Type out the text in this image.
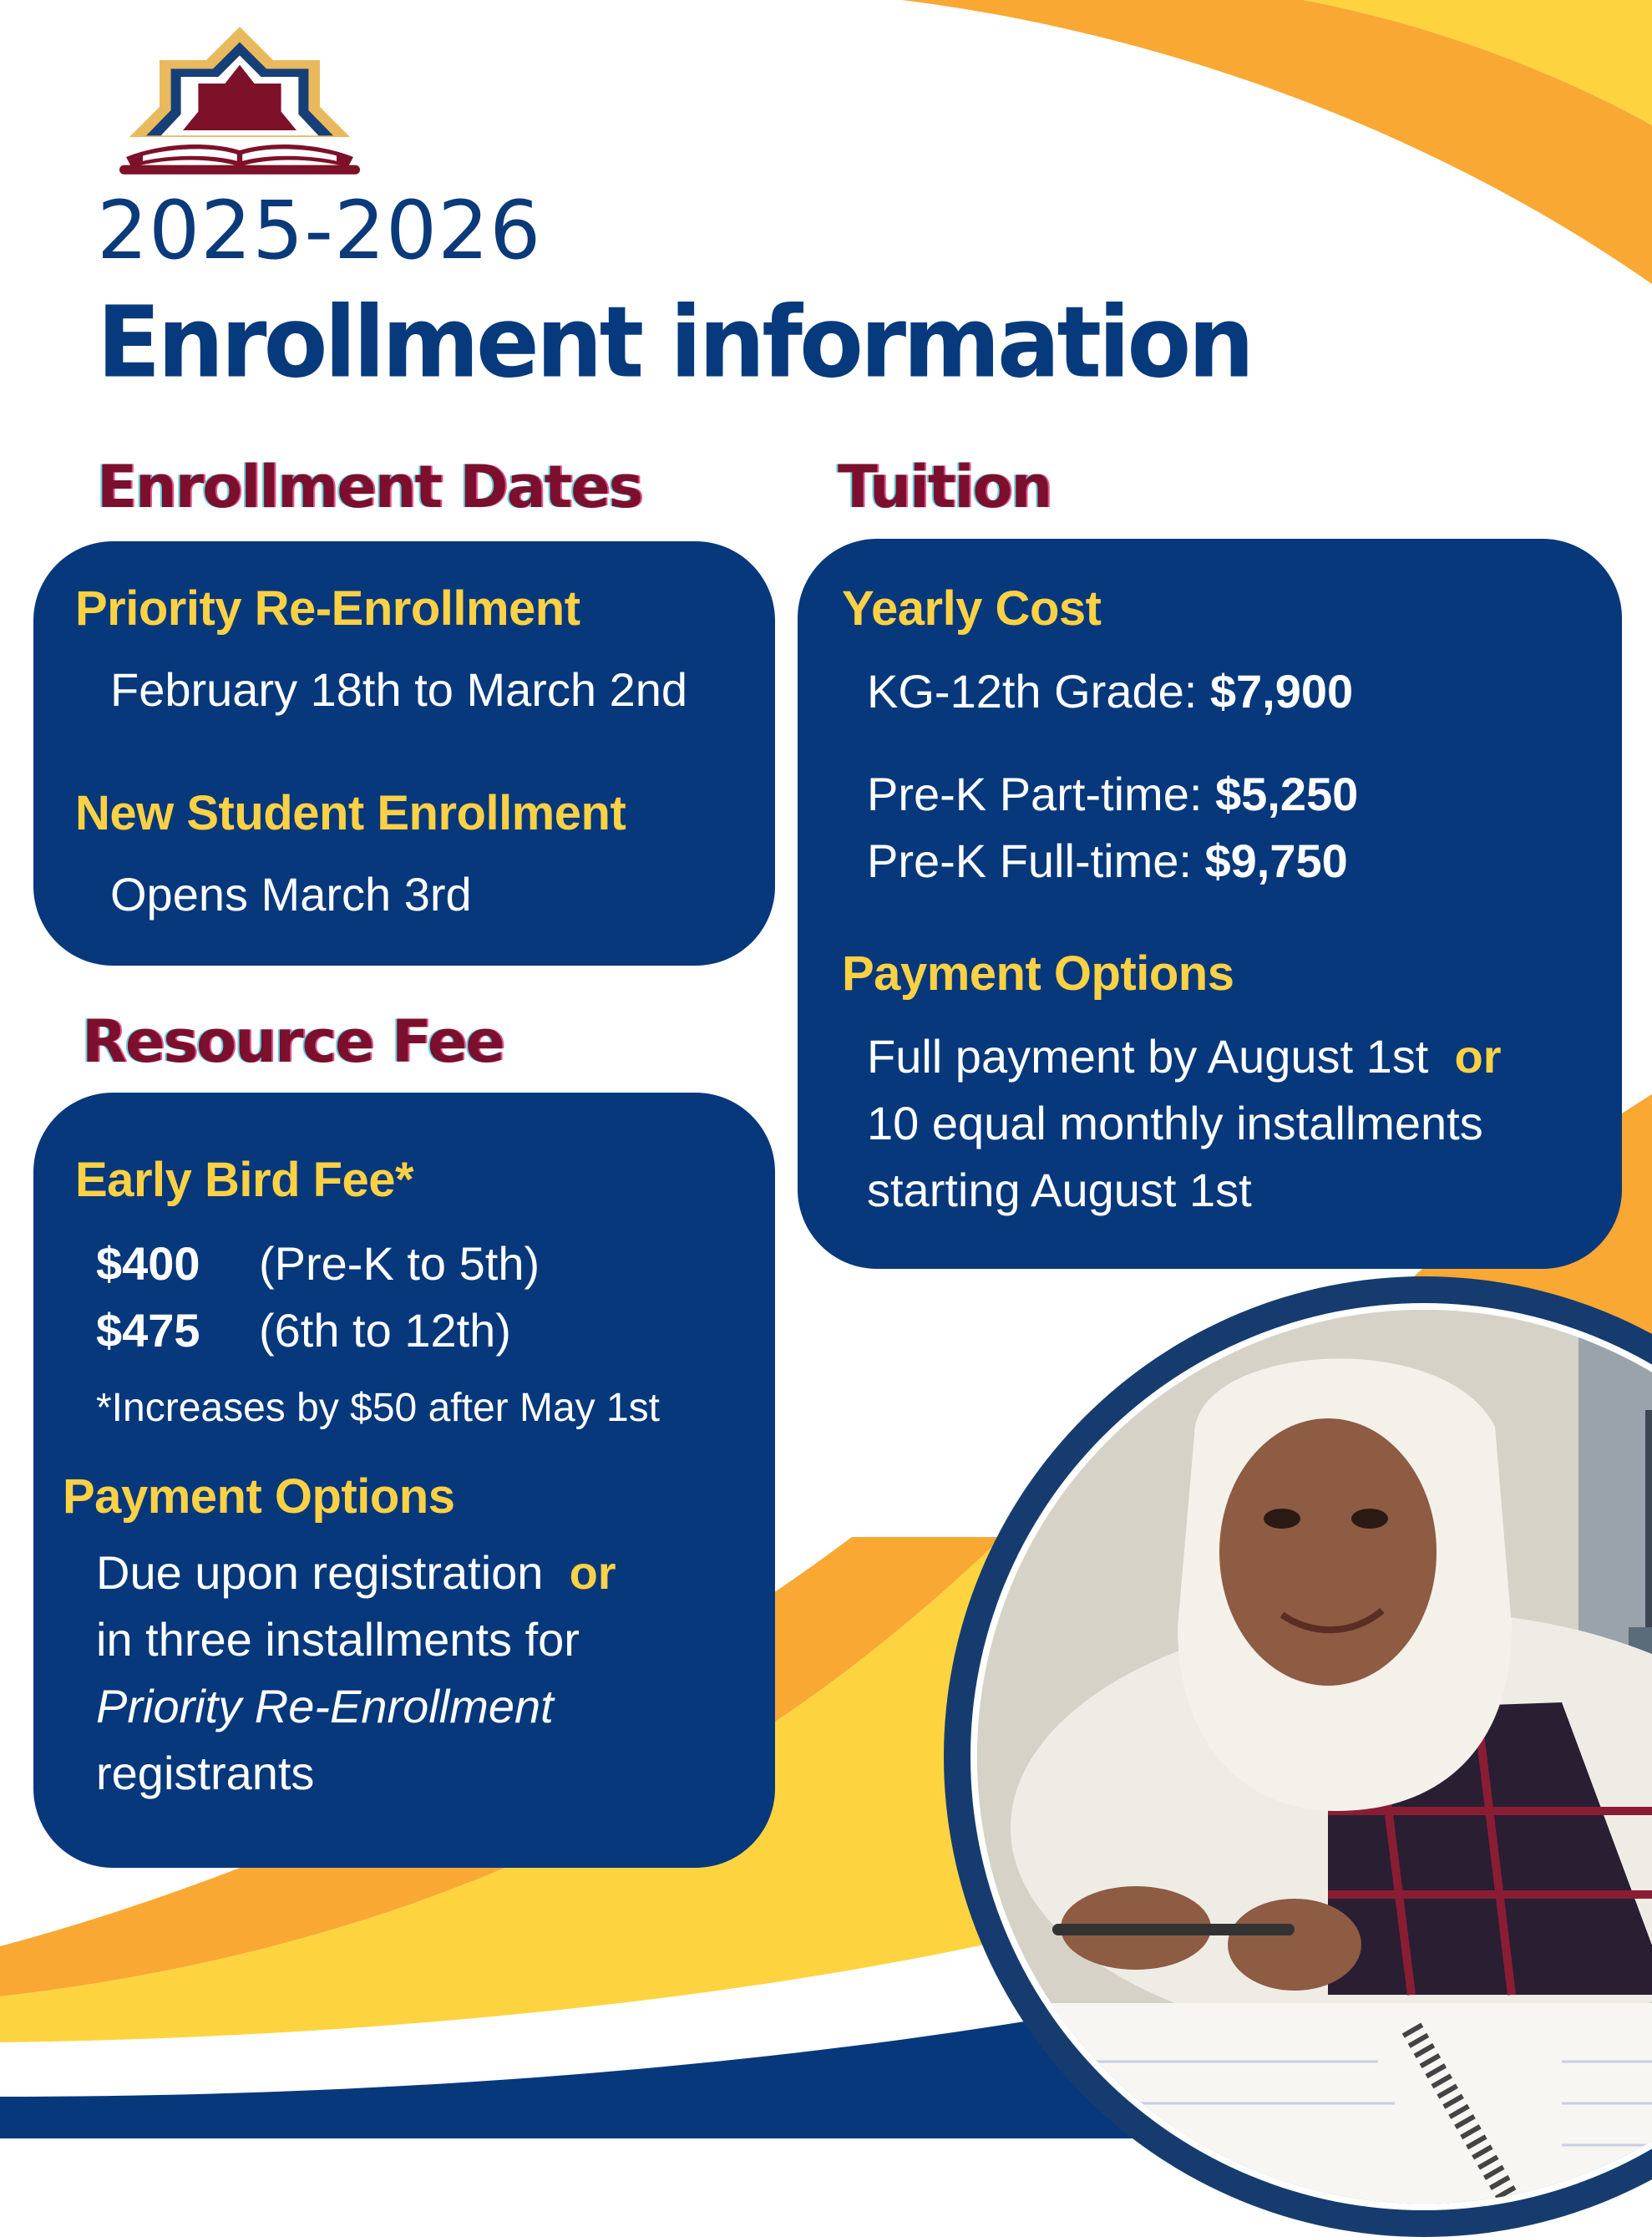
2025-2026
Enrollment information
Enrollment Dates	Tuition
Resource Fee
Priority Re-Enrollment
February 18th to March 2nd
New Student Enrollment
Opens March 3rd
Yearly Cost
KG-12th Grade: $7,900
Pre-K Part-time: $5,250
Pre-K Full-time: $9,750
Payment Options
Full payment by August 1st or
10 equal monthly installments
starting August 1st
Early Bird Fee*
$400 (Pre-K to 5th)
$475 (6th to 12th)
*Increases by $50 after May 1st
Payment Options
Due upon registration or
in three installments for
Priority Re-Enrollment
registrants
